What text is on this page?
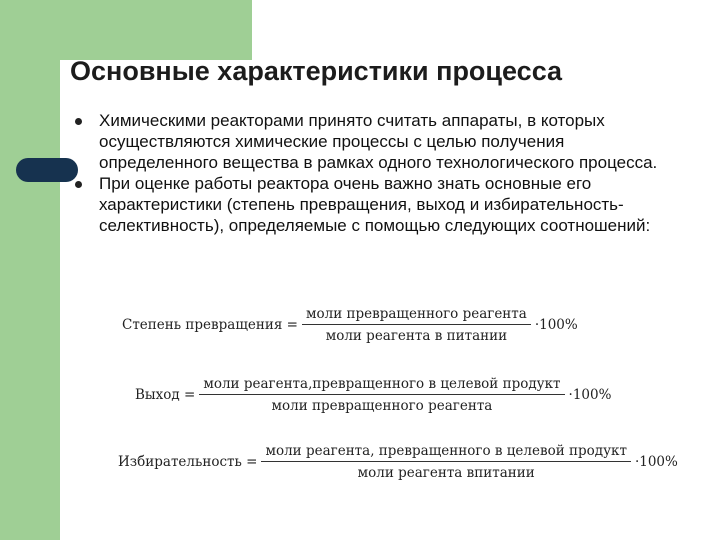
Основные характеристики процесса
Химическими реакторами принято считать аппараты, в которых осуществляются химические процессы с целью получения определенного вещества в рамках одного технологического процесса.
При оценке работы реактора очень важно знать основные его характеристики (степень превращения, выход и избирательность-селективность), определяемые с помощью следующих соотношений:
Степень превращения = $\frac{\text{моли превращенного реагента}}{\text{моли реагента в питании}} \cdot 100\%$
Выход = $\frac{\text{моли реагента,превращенного в целевой продукт}}{\text{моли превращенного реагента}} \cdot 100\%$
Избирательность = $\frac{\text{моли реагента, превращенного в целевой продукт}}{\text{моли реагента впитании}} \cdot 100\%$
